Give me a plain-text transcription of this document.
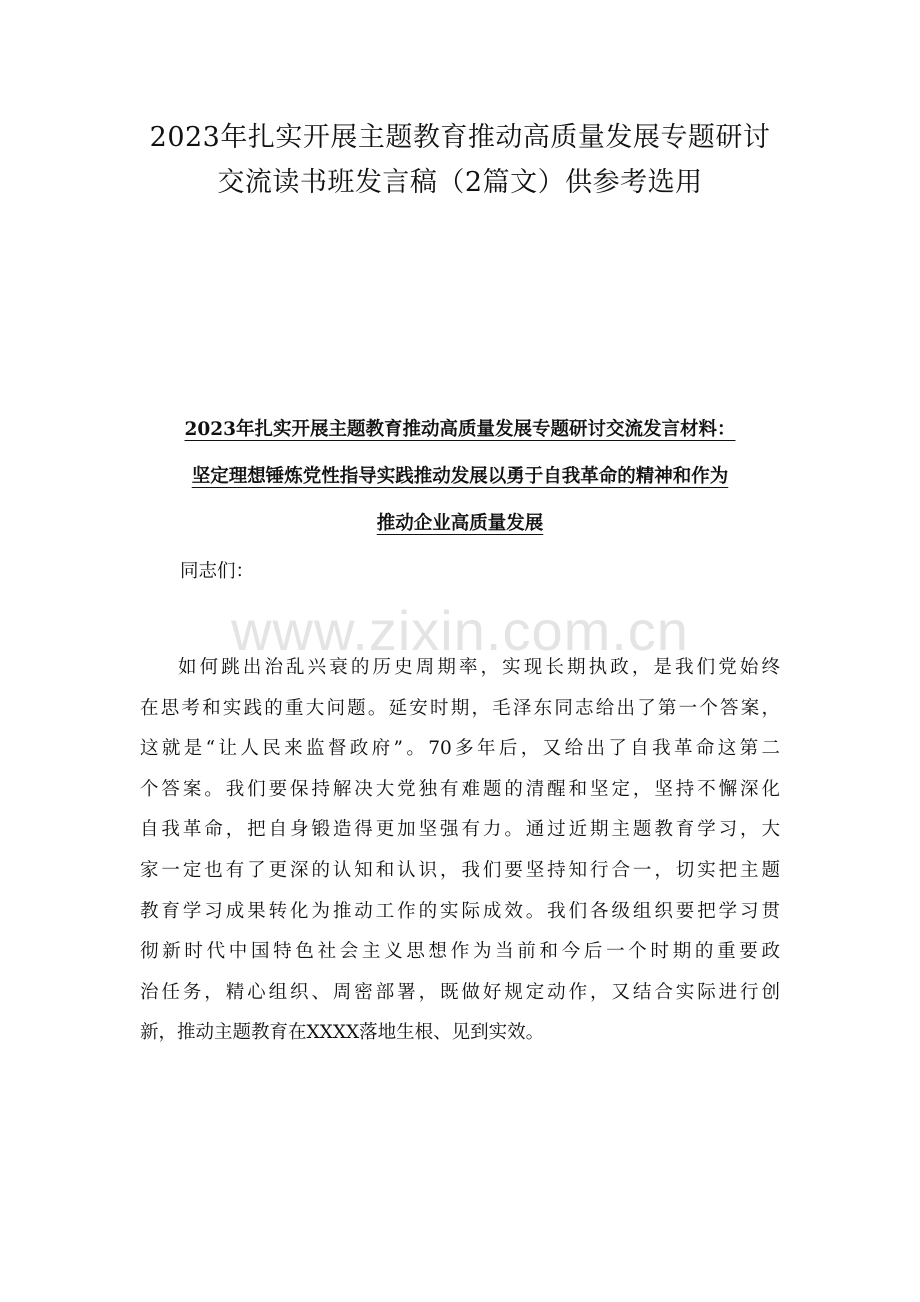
2023年扎实开展主题教育推动高质量发展专题研讨
交流读书班发言稿（2篇文）供参考选用
2023年扎实开展主题教育推动高质量发展专题研讨交流发言材料：
坚定理想锤炼党性指导实践推动发展以勇于自我革命的精神和作为
推动企业高质量发展
同志们：
www.zixin.com.cn
如何跳出治乱兴衰的历史周期率，实现长期执政，是我们党始终
在思考和实践的重大问题。延安时期，毛泽东同志给出了第一个答案，
这就是“让人民来监督政府”。70多年后，又给出了自我革命这第二
个答案。我们要保持解决大党独有难题的清醒和坚定，坚持不懈深化
自我革命，把自身锻造得更加坚强有力。通过近期主题教育学习，大
家一定也有了更深的认知和认识，我们要坚持知行合一，切实把主题
教育学习成果转化为推动工作的实际成效。我们各级组织要把学习贯
彻新时代中国特色社会主义思想作为当前和今后一个时期的重要政
治任务，精心组织、周密部署，既做好规定动作，又结合实际进行创
新，推动主题教育在XXXX落地生根、见到实效。
